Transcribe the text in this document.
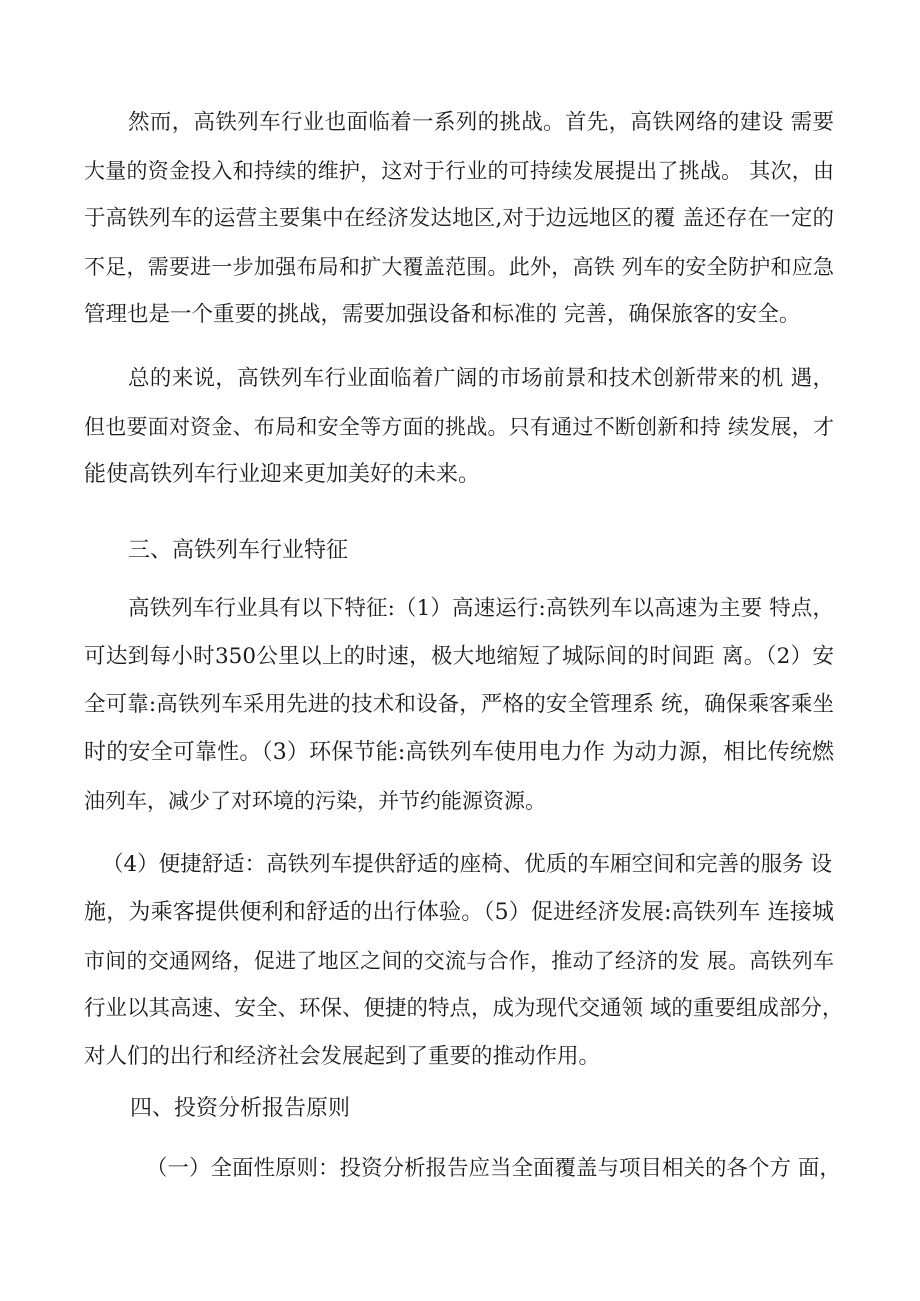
然而，高铁列车行业也面临着一系列的挑战。首先，高铁网络的建设 需要
大量的资金投入和持续的维护，这对于行业的可持续发展提出了挑战。 其次，由
于高铁列车的运营主要集中在经济发达地区,对于边远地区的覆 盖还存在一定的
不足，需要进一步加强布局和扩大覆盖范围。此外，高铁 列车的安全防护和应急
管理也是一个重要的挑战，需要加强设备和标准的 完善，确保旅客的安全。
总的来说，高铁列车行业面临着广阔的市场前景和技术创新带来的机 遇，
但也要面对资金、布局和安全等方面的挑战。只有通过不断创新和持 续发展，才
能使高铁列车行业迎来更加美好的未来。
三、高铁列车行业特征
高铁列车行业具有以下特征:（1）高速运行:高铁列车以高速为主要 特点，
可达到每小时350公里以上的时速，极大地缩短了城际间的时间距 离。（2）安
全可靠:高铁列车采用先进的技术和设备，严格的安全管理系 统，确保乘客乘坐
时的安全可靠性。（3）环保节能:高铁列车使用电力作 为动力源，相比传统燃
油列车，减少了对环境的污染，并节约能源资源。
（4）便捷舒适：高铁列车提供舒适的座椅、优质的车厢空间和完善的服务 设
施，为乘客提供便利和舒适的出行体验。（5）促进经济发展:高铁列车 连接城
市间的交通网络，促进了地区之间的交流与合作，推动了经济的发 展。高铁列车
行业以其高速、安全、环保、便捷的特点，成为现代交通领 域的重要组成部分，
对人们的出行和经济社会发展起到了重要的推动作用。
四、投资分析报告原则
（一）全面性原则：投资分析报告应当全面覆盖与项目相关的各个方 面，
